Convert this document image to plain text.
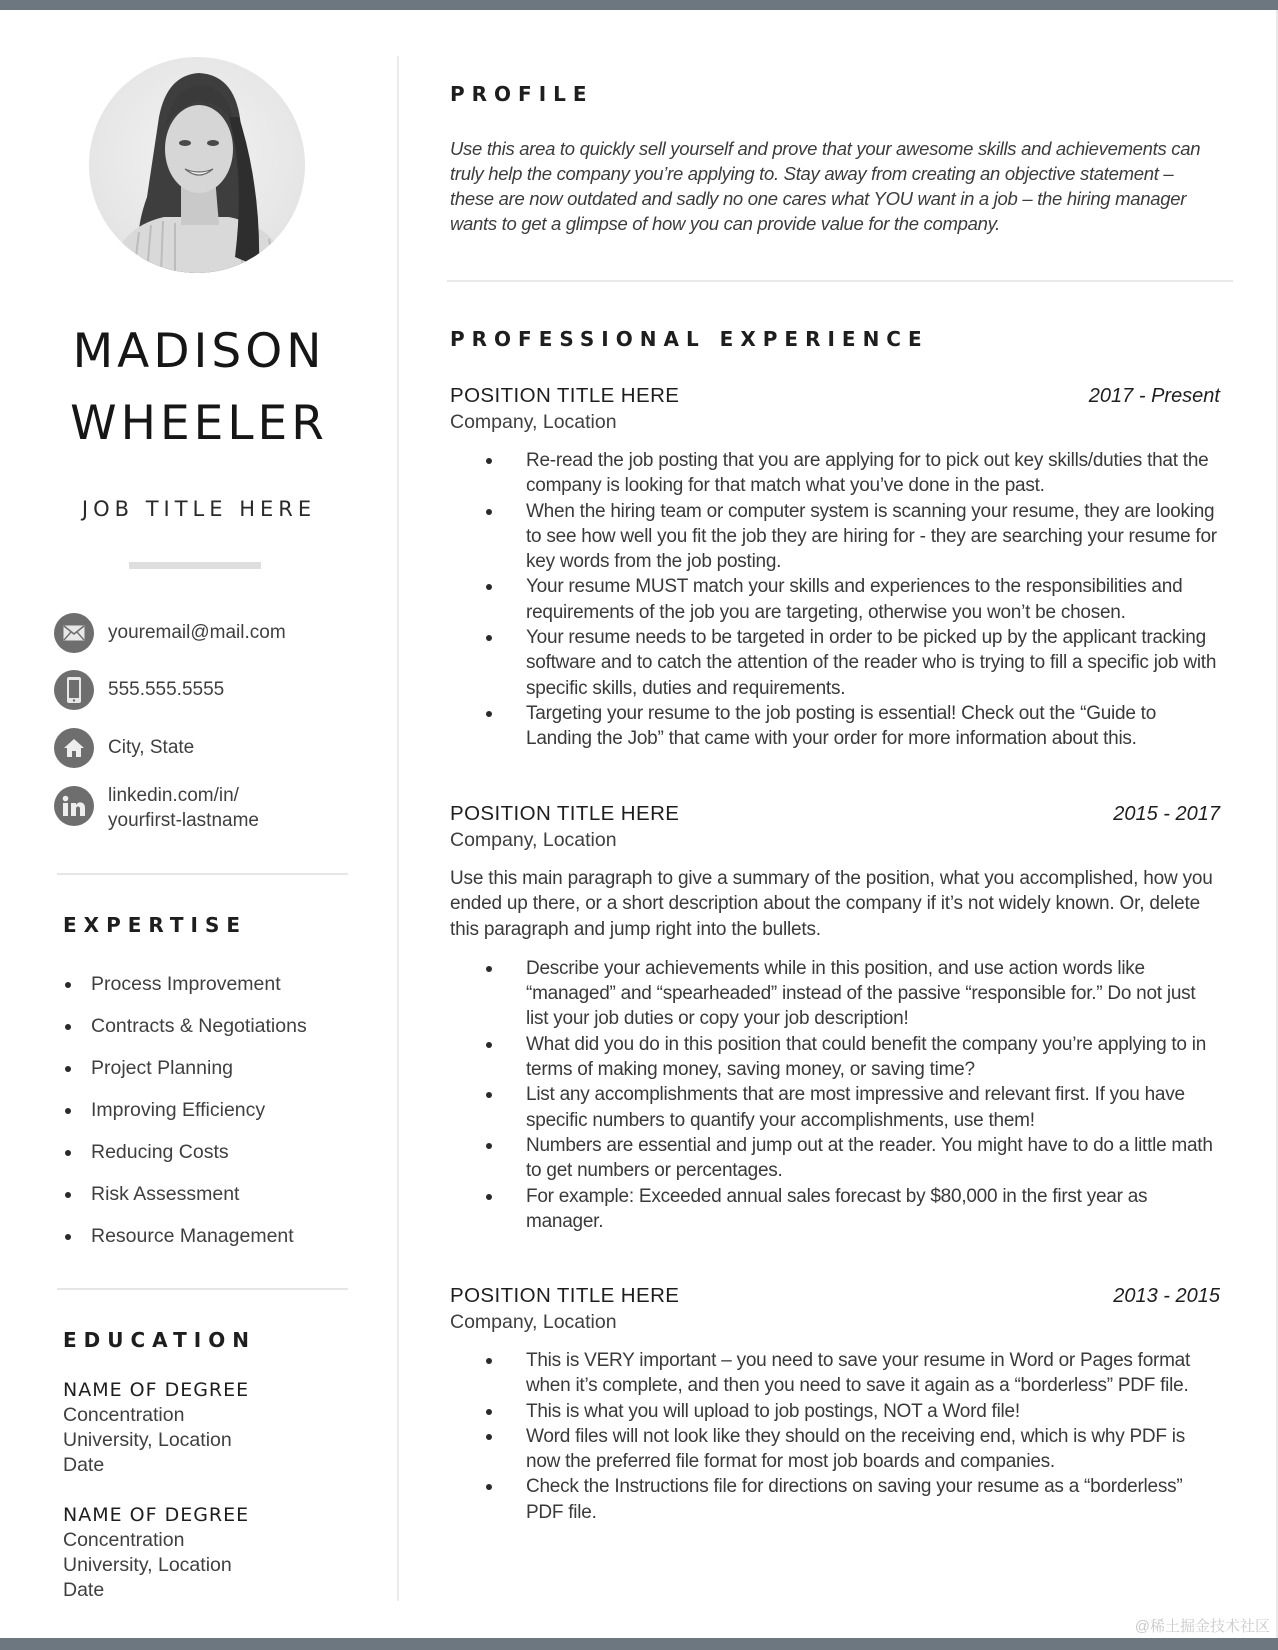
MADISON
WHEELER
JOB TITLE HERE
youremail@mail.com
555.555.5555
City, State
linkedin.com/in/
yourfirst-lastname
EXPERTISE
Process Improvement
Contracts & Negotiations
Project Planning
Improving Efficiency
Reducing Costs
Risk Assessment
Resource Management
EDUCATION
NAME OF DEGREE
Concentration
University, Location
Date
NAME OF DEGREE
Concentration
University, Location
Date
PROFILE

Use this area to quickly sell yourself and prove that your awesome skills and achievements can truly help the company you’re applying to. Stay away from creating an objective statement – these are now outdated and sadly no one cares what YOU want in a job – the hiring manager wants to get a glimpse of how you can provide value for the company.

PROFESSIONAL EXPERIENCE
POSITION TITLE HERE	2017 - Present
Company, Location
Re-read the job posting that you are applying for to pick out key skills/duties that the company is looking for that match what you’ve done in the past.
When the hiring team or computer system is scanning your resume, they are looking to see how well you fit the job they are hiring for - they are searching your resume for key words from the job posting.
Your resume MUST match your skills and experiences to the responsibilities and requirements of the job you are targeting, otherwise you won’t be chosen.
Your resume needs to be targeted in order to be picked up by the applicant tracking software and to catch the attention of the reader who is trying to fill a specific job with specific skills, duties and requirements.
Targeting your resume to the job posting is essential! Check out the “Guide to Landing the Job” that came with your order for more information about this.
POSITION TITLE HERE	2015 - 2017
Company, Location

Use this main paragraph to give a summary of the position, what you accomplished, how you ended up there, or a short description about the company if it’s not widely known. Or, delete this paragraph and jump right into the bullets.

Describe your achievements while in this position, and use action words like “managed” and “spearheaded” instead of the passive “responsible for.” Do not just list your job duties or copy your job description!
What did you do in this position that could benefit the company you’re applying to in terms of making money, saving money, or saving time?
List any accomplishments that are most impressive and relevant first. If you have specific numbers to quantify your accomplishments, use them!
Numbers are essential and jump out at the reader. You might have to do a little math to get numbers or percentages.
For example: Exceeded annual sales forecast by $80,000 in the first year as manager.
POSITION TITLE HERE	2013 - 2015
Company, Location
This is VERY important – you need to save your resume in Word or Pages format when it’s complete, and then you need to save it again as a “borderless” PDF file.
This is what you will upload to job postings, NOT a Word file!
Word files will not look like they should on the receiving end, which is why PDF is now the preferred file format for most job boards and companies.
Check the Instructions file for directions on saving your resume as a “borderless” PDF file.
@稀土掘金技术社区
